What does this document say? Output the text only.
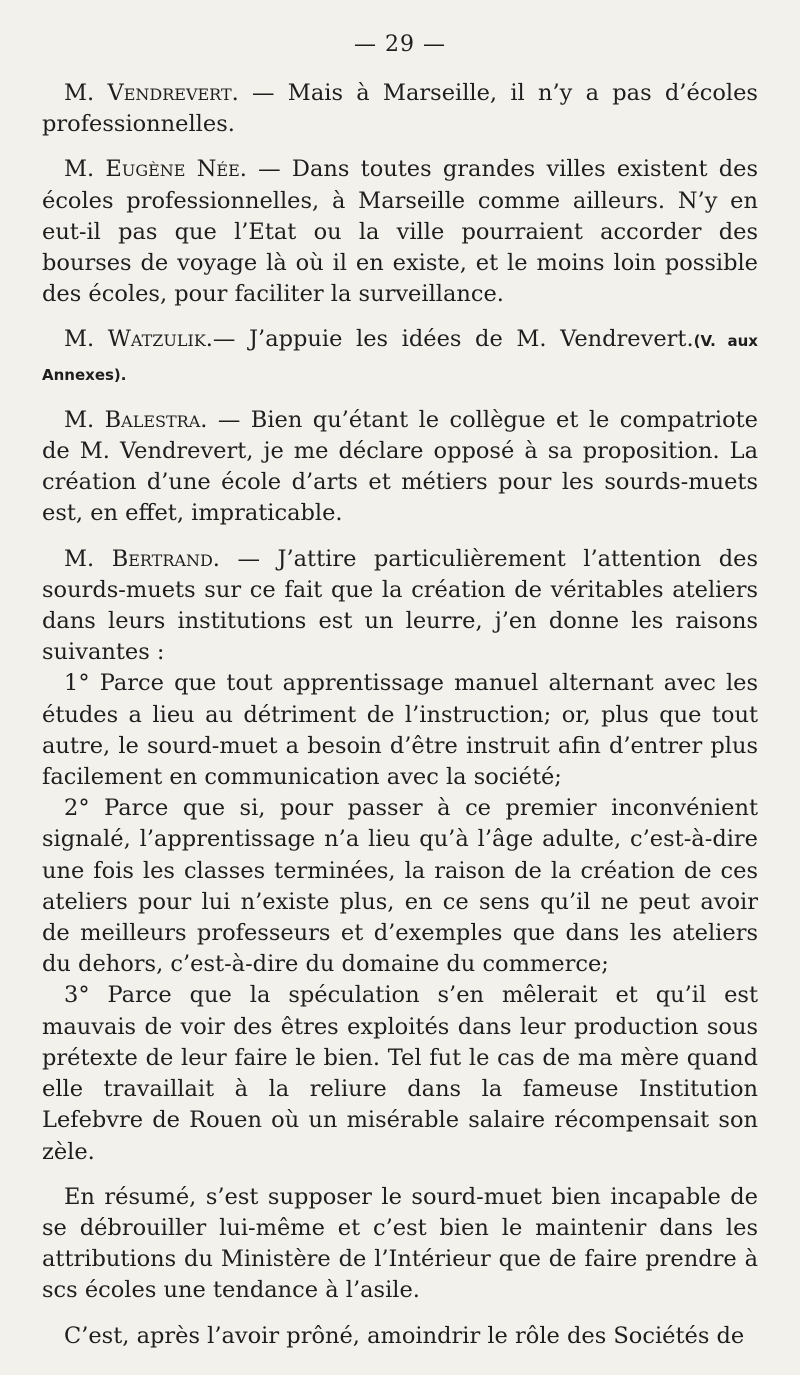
— 29 —

M. Vendrevert. — Mais à Marseille, il n’y a pas d’écoles professionnelles.

M. Eugène Née. — Dans toutes grandes villes existent des écoles professionnelles, à Marseille comme ailleurs. N’y en eut-il pas que l’Etat ou la ville pourraient accorder des bourses de voyage là où il en existe, et le moins loin possible des écoles, pour faciliter la surveillance.

M. Watzulik.— J’appuie les idées de M. Vendrevert.(V. aux Annexes).

M. Balestra. — Bien qu’étant le collègue et le compatriote de M. Vendrevert, je me déclare opposé à sa proposition. La création d’une école d’arts et métiers pour les sourds-muets est, en effet, impraticable.

M. Bertrand. — J’attire particulièrement l’attention des sourds-muets sur ce fait que la création de véritables ateliers dans leurs institutions est un leurre, j’en donne les raisons suivantes :

1° Parce que tout apprentissage manuel alternant avec les études a lieu au détriment de l’instruction; or, plus que tout autre, le sourd-muet a besoin d’être instruit afin d’entrer plus facilement en communication avec la société;

2° Parce que si, pour passer à ce premier inconvénient signalé, l’apprentissage n’a lieu qu’à l’âge adulte, c’est-à-dire une fois les classes terminées, la raison de la création de ces ateliers pour lui n’existe plus, en ce sens qu’il ne peut avoir de meilleurs professeurs et d’exemples que dans les ateliers du dehors, c’est-à-dire du domaine du commerce;

3° Parce que la spéculation s’en mêlerait et qu’il est mauvais de voir des êtres exploités dans leur production sous prétexte de leur faire le bien. Tel fut le cas de ma mère quand elle travaillait à la reliure dans la fameuse Institution Lefebvre de Rouen où un misérable salaire récompensait son zèle.

En résumé, s’est supposer le sourd-muet bien incapable de se débrouiller lui-même et c’est bien le maintenir dans les attributions du Ministère de l’Intérieur que de faire prendre à scs écoles une tendance à l’asile.

C’est, après l’avoir prôné, amoindrir le rôle des Sociétés de
